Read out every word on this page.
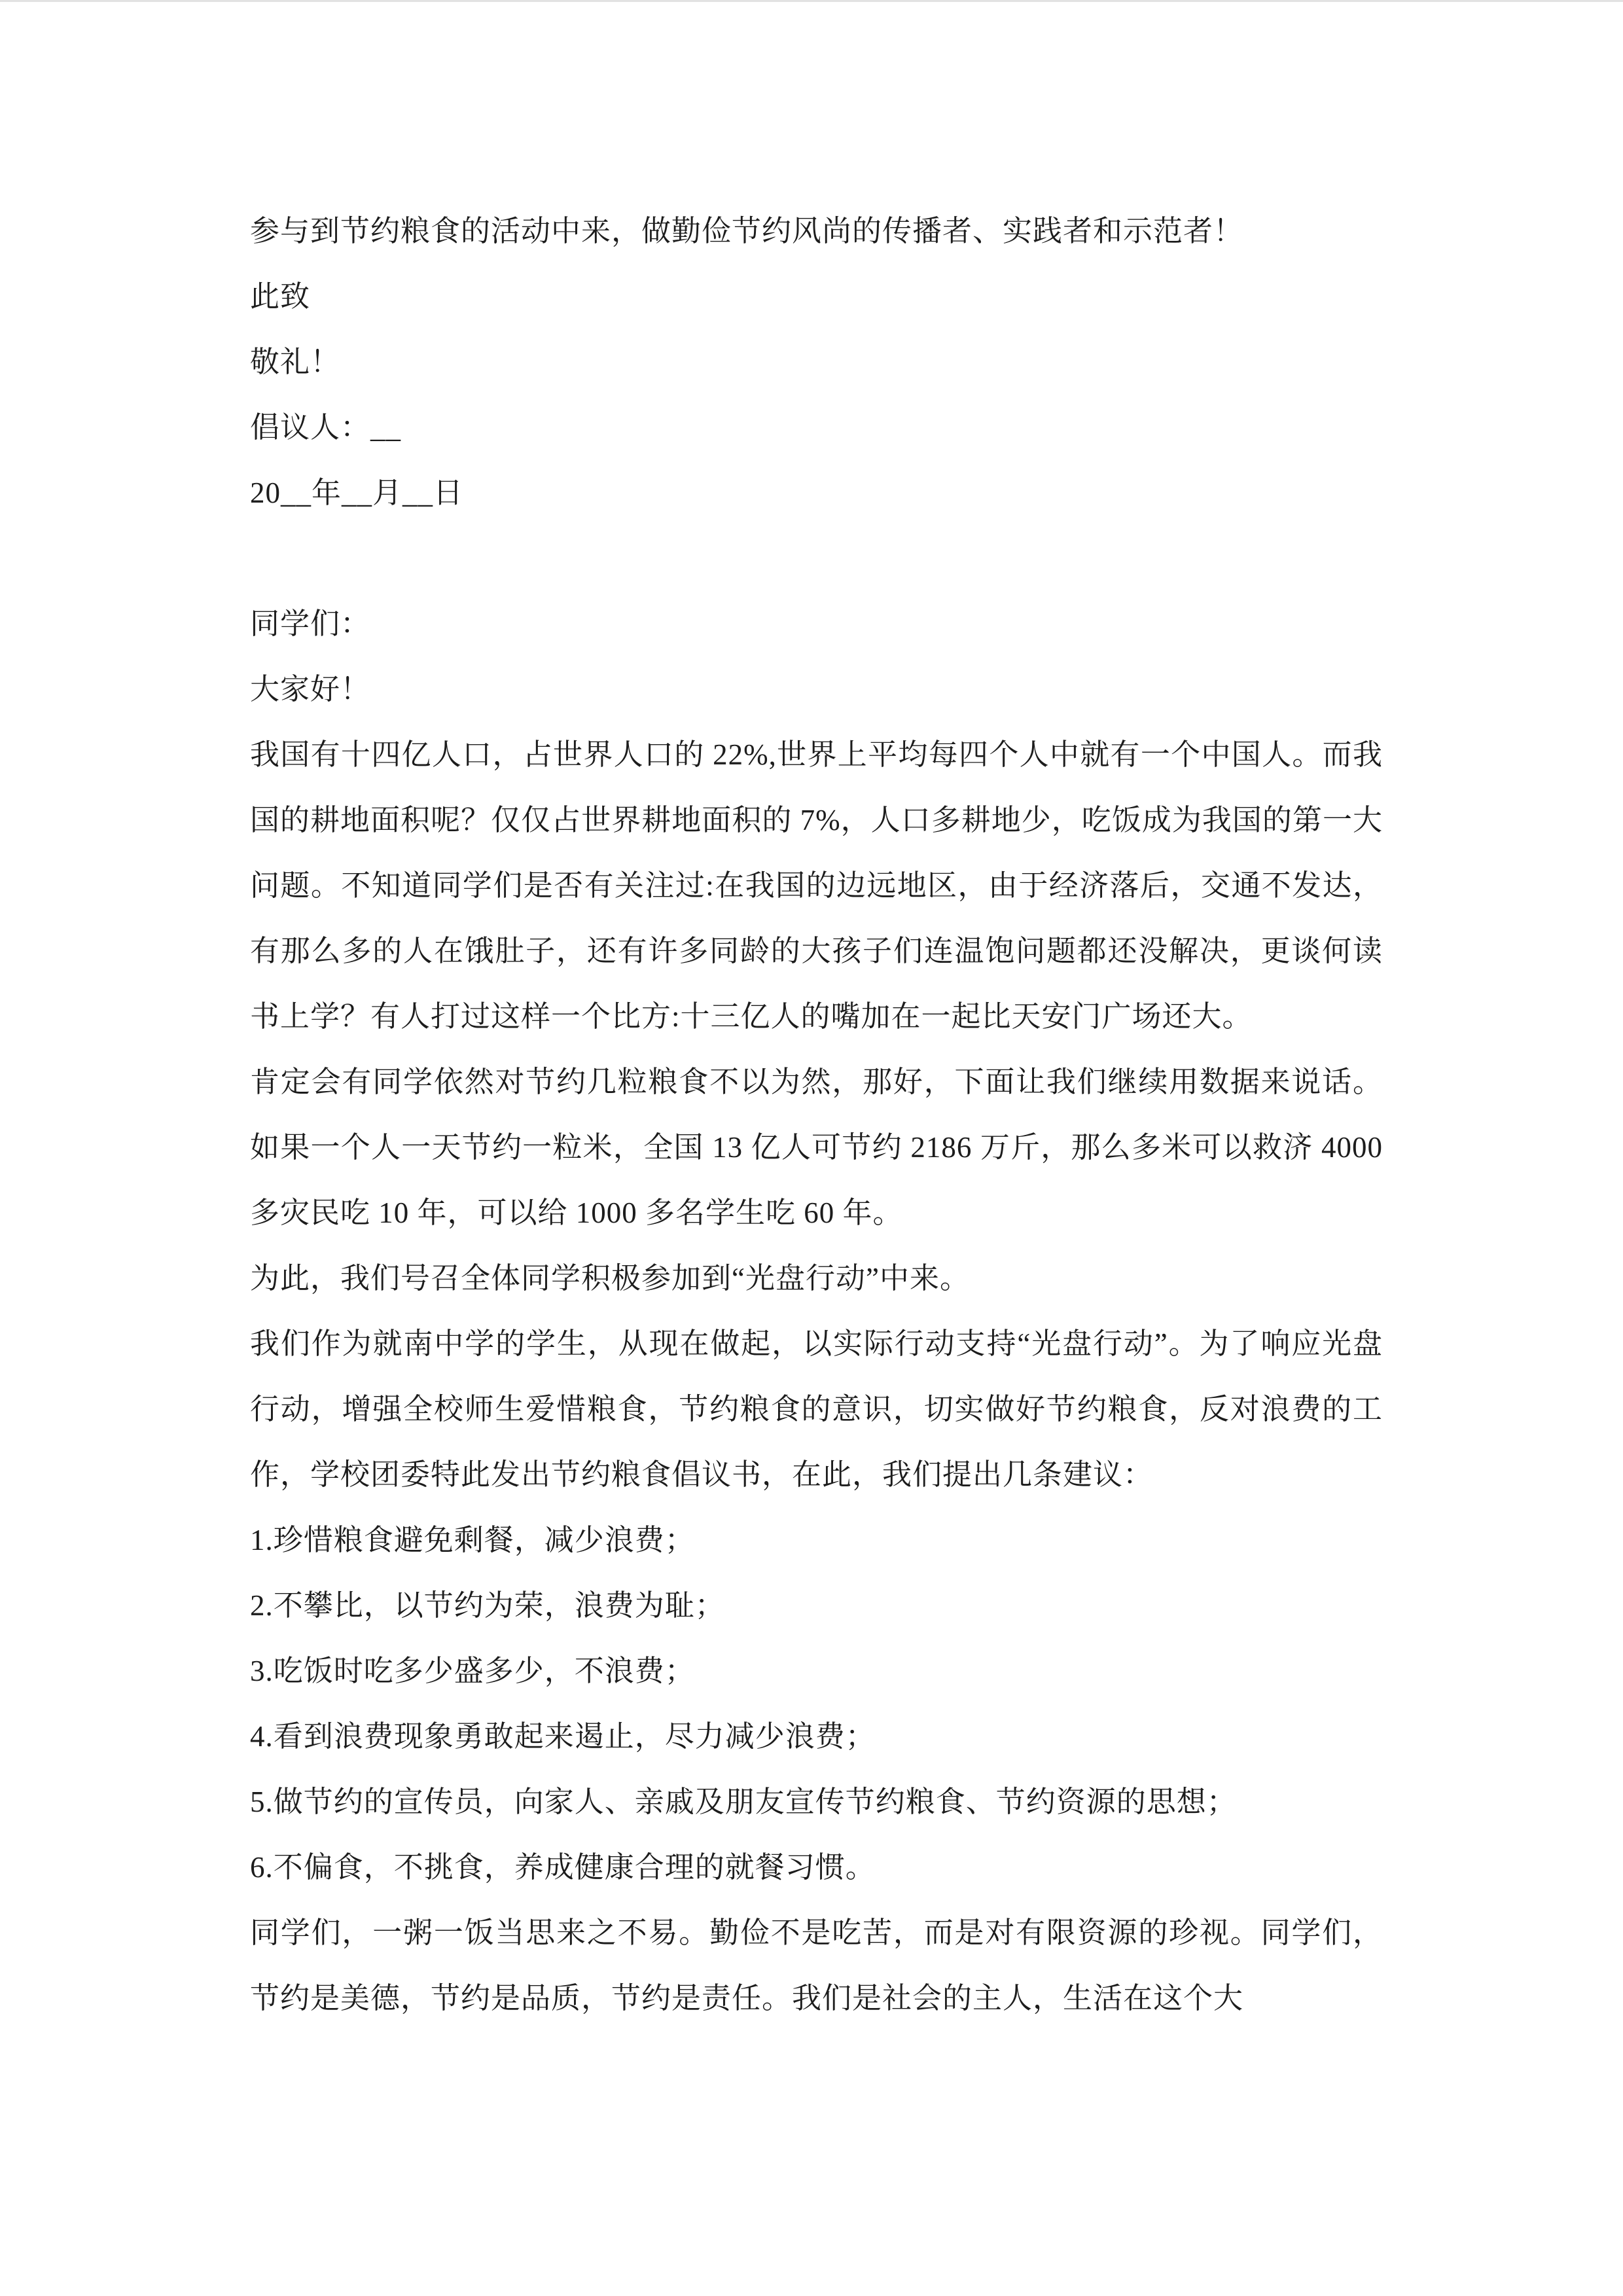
参与到节约粮食的活动中来，做勤俭节约风尚的传播者、实践者和示范者！

此致

敬礼！

倡议人：__

20__年__月__日

同学们：

大家好！

我国有十四亿人口，占世界人口的 22%,世界上平均每四个人中就有一个中国人。而我国的耕地面积呢？仅仅占世界耕地面积的 7%，人口多耕地少，吃饭成为我国的第一大问题。不知道同学们是否有关注过:在我国的边远地区，由于经济落后，交通不发达，有那么多的人在饿肚子，还有许多同龄的大孩子们连温饱问题都还没解决，更谈何读书上学？有人打过这样一个比方:十三亿人的嘴加在一起比天安门广场还大。

肯定会有同学依然对节约几粒粮食不以为然，那好，下面让我们继续用数据来说话。如果一个人一天节约一粒米，全国 13 亿人可节约 2186 万斤，那么多米可以救济 4000 多灾民吃 10 年，可以给 1000 多名学生吃 60 年。

为此，我们号召全体同学积极参加到“光盘行动”中来。

我们作为就南中学的学生，从现在做起，以实际行动支持“光盘行动”。为了响应光盘行动，增强全校师生爱惜粮食，节约粮食的意识，切实做好节约粮食，反对浪费的工作，学校团委特此发出节约粮食倡议书，在此，我们提出几条建议：

1.珍惜粮食避免剩餐，减少浪费；

2.不攀比，以节约为荣，浪费为耻；

3.吃饭时吃多少盛多少，不浪费；

4.看到浪费现象勇敢起来遏止，尽力减少浪费；

5.做节约的宣传员，向家人、亲戚及朋友宣传节约粮食、节约资源的思想；

6.不偏食，不挑食，养成健康合理的就餐习惯。

同学们，一粥一饭当思来之不易。勤俭不是吃苦，而是对有限资源的珍视。同学们，节约是美德，节约是品质，节约是责任。我们是社会的主人，生活在这个大
